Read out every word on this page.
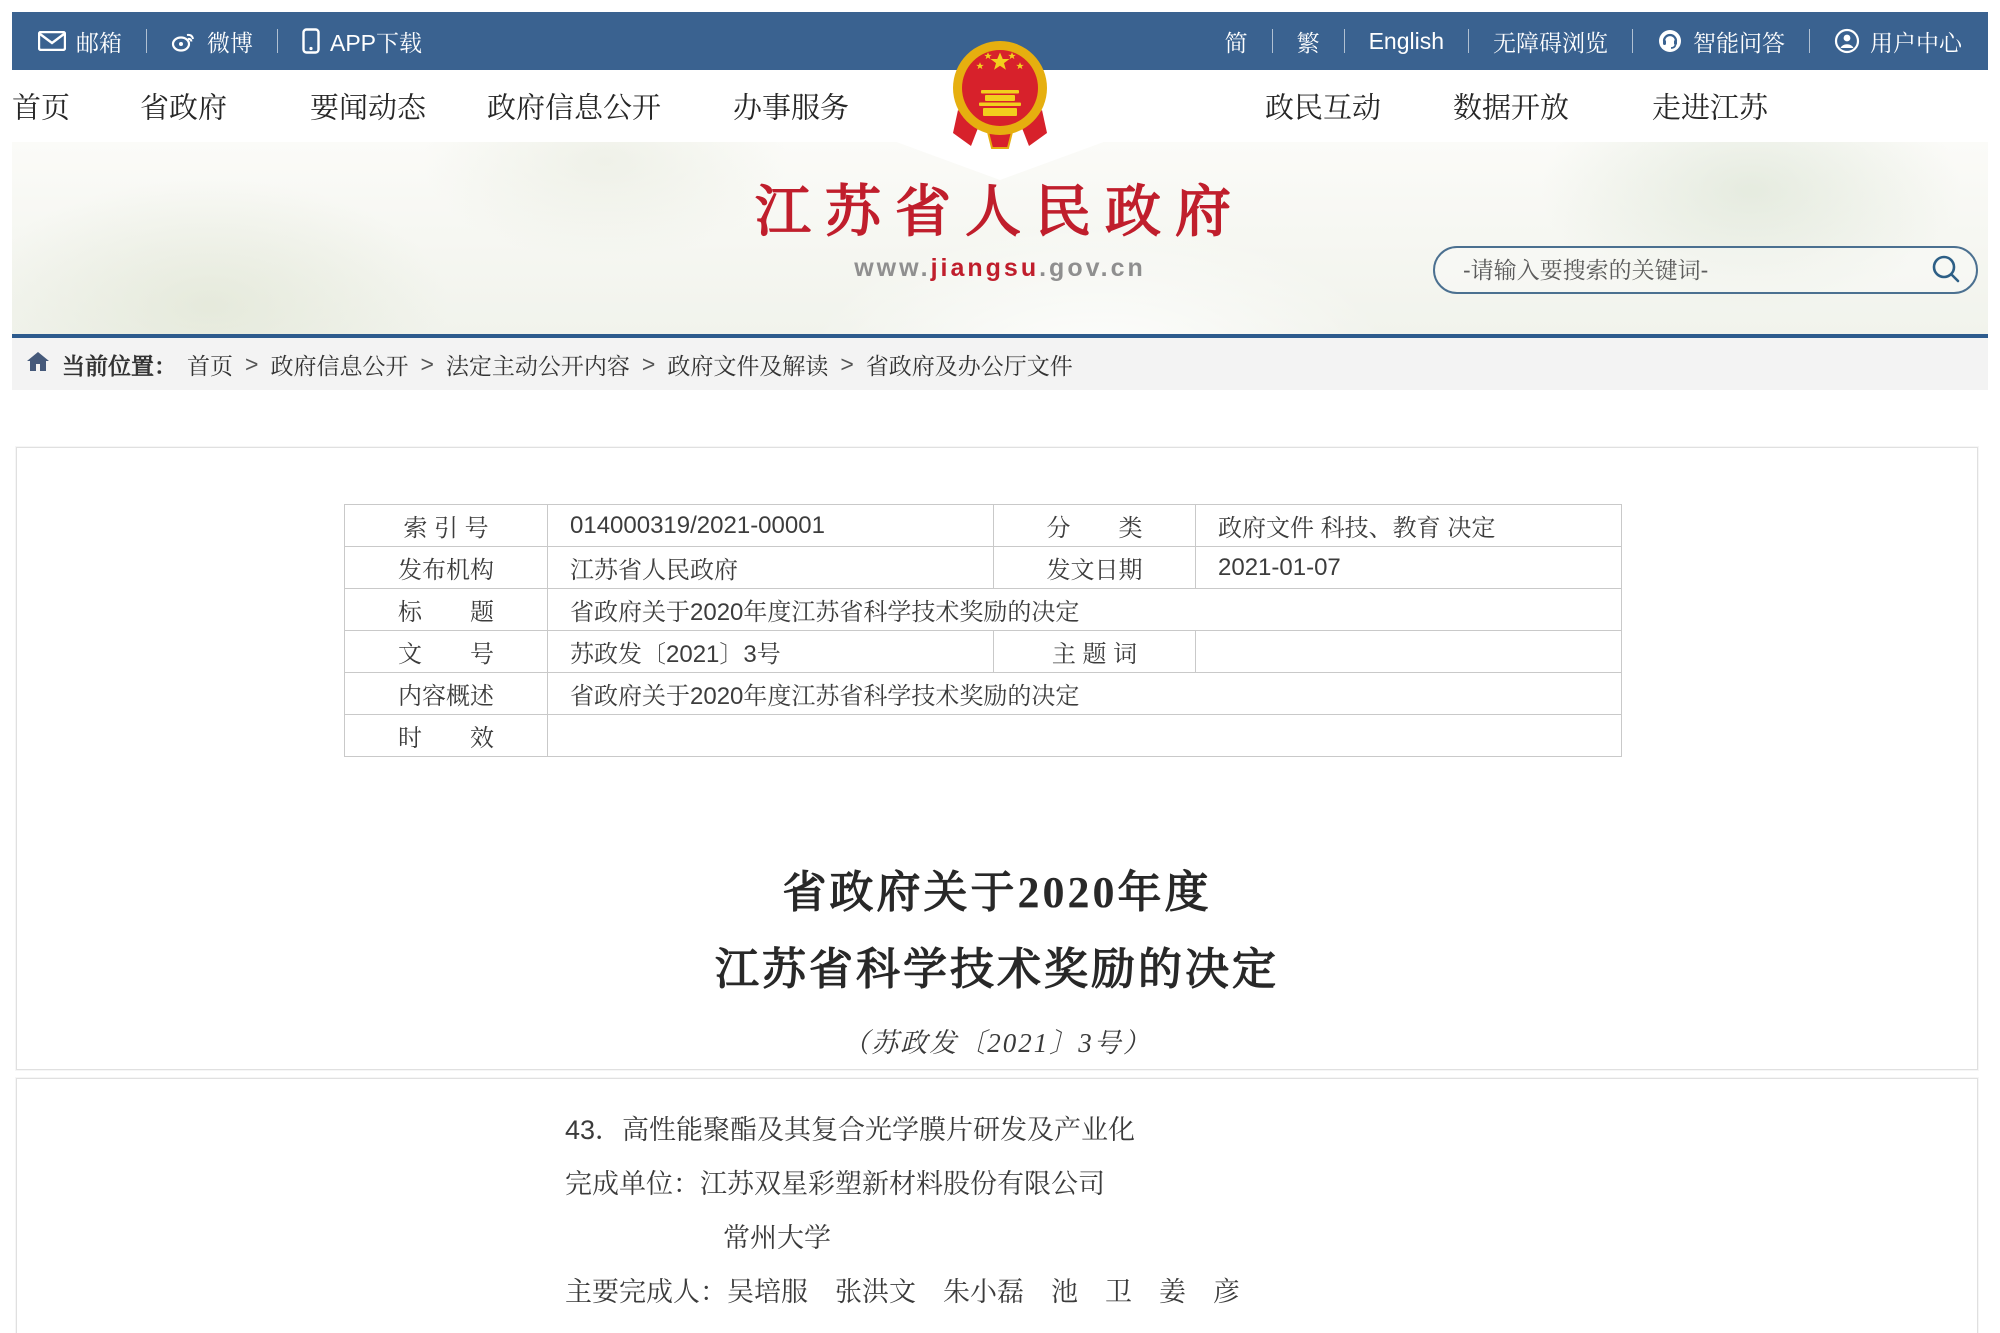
邮箱	微博	APP下载	简 繁 English 无障碍浏览	智能问答	用户中心
首页 省政府	要闻动态 政府信息公开 办事服务	政民互动 数据开放	走进江苏
江苏省人民政府
www.jiangsu.gov.cn
-请输入要搜索的关键词-
当前位置： 首页 > 政府信息公开 > 法定主动公开内容 > 政府文件及解读 > 省政府及办公厅文件
索 引 号	014000319/2021-00001	分　　类	政府文件 科技、教育 决定
发布机构	江苏省人民政府	发文日期	2021-01-07
标　　题	省政府关于2020年度江苏省科学技术奖励的决定		
文　　号	苏政发〔2021〕3号	主 题 词	
内容概述	省政府关于2020年度江苏省科学技术奖励的决定		
时　　效			
省政府关于2020年度
江苏省科学技术奖励的决定
（苏政发〔2021〕3号）

43．高性能聚酯及其复合光学膜片研发及产业化

完成单位：江苏双星彩塑新材料股份有限公司

常州大学

主要完成人：吴培服　张洪文　朱小磊　池　卫　姜　彦
